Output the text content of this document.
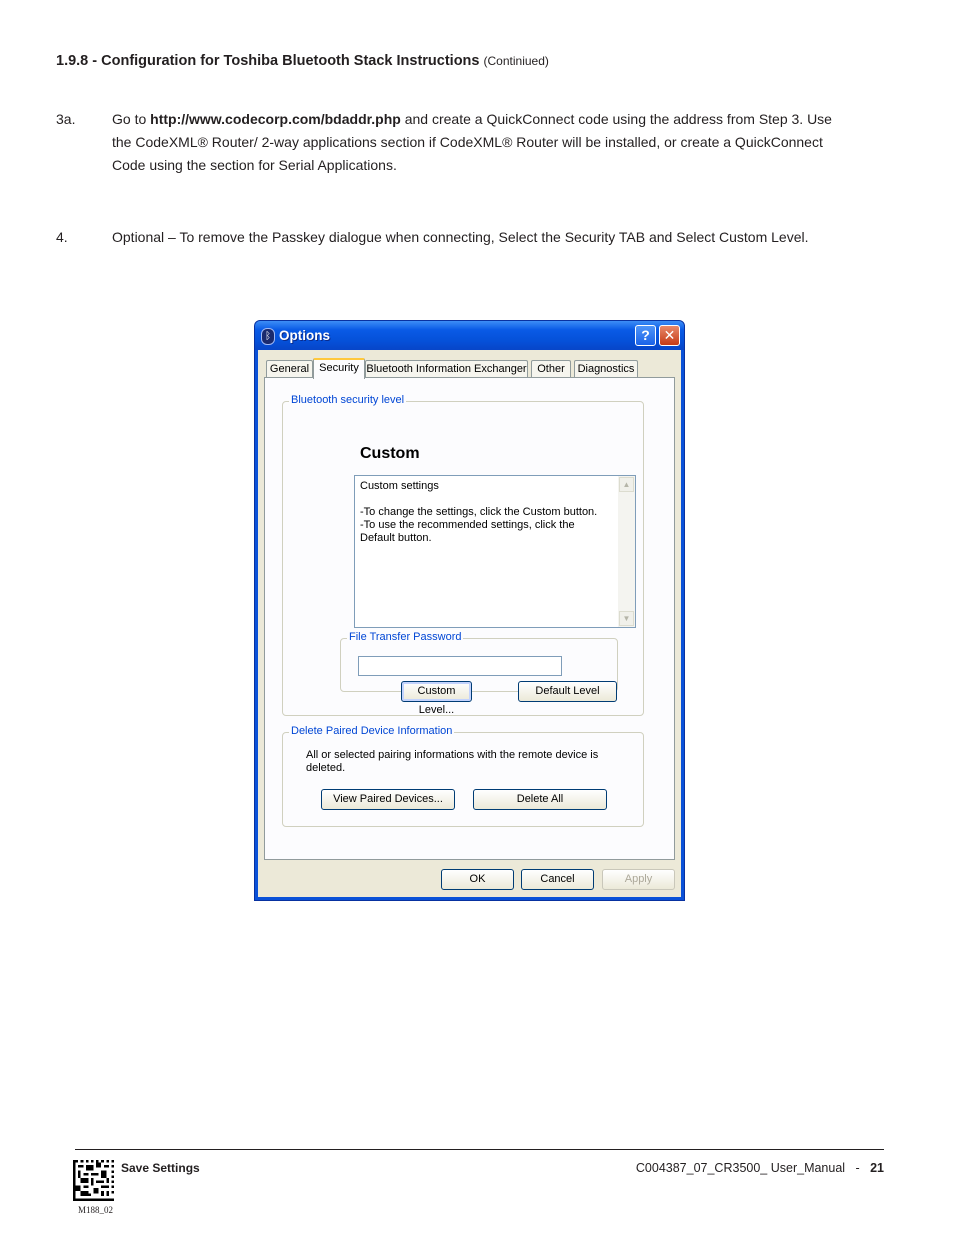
1.9.8 - Configuration for Toshiba Bluetooth Stack Instructions (Continiued)
3a.	Go to http://www.codecorp.com/bdaddr.php and create a QuickConnect code using the address from Step 3. Use the CodeXML® Router/ 2-way applications section if CodeXML® Router will be installed, or create a QuickConnect Code using the section for Serial Applications.
4.	Optional – To remove the Passkey dialogue when connecting, Select the Security TAB and Select Custom Level.
ᛒ Options	? ✕
General Security Bluetooth Information Exchanger Other	Diagnostics
Bluetooth security level
Custom
Custom settings

-To change the settings, click the Custom button.
-To use the recommended settings, click the Default button.
▲
▼
File Transfer Password
Custom Level...
Default Level
Delete Paired Device Information
All or selected pairing informations with the remote device is deleted.
View Paired Devices...	Delete All
OK	Cancel	Apply
M188_02
Save Settings	C004387_07_CR3500_ User_Manual - 21
